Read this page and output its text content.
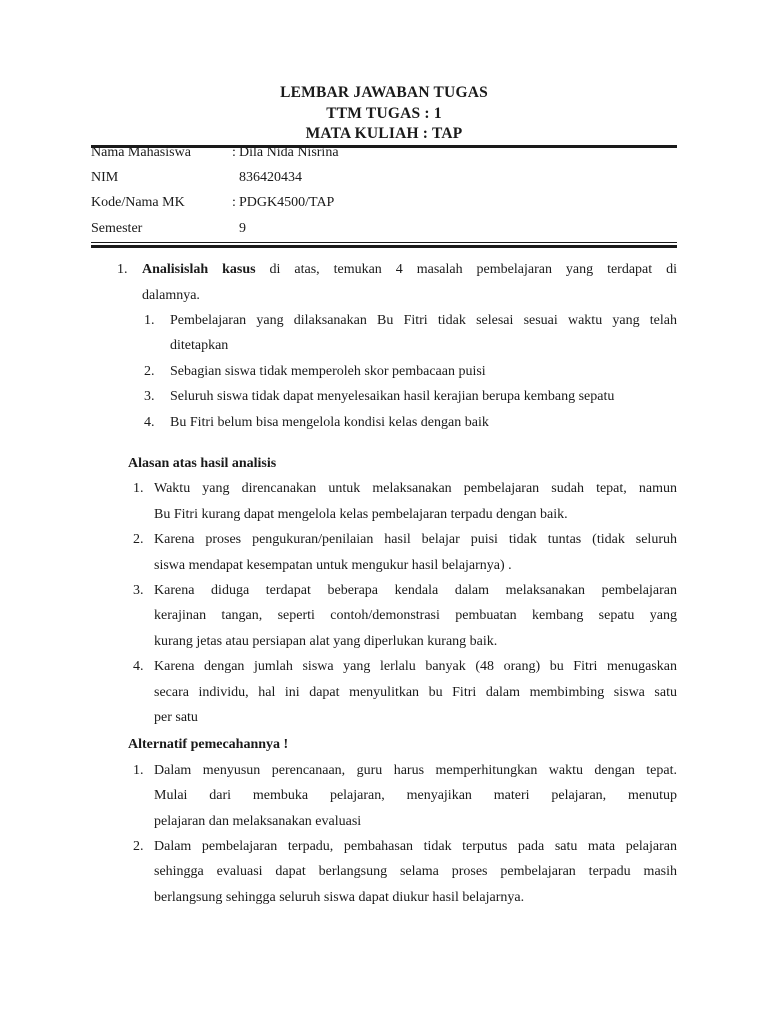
LEMBAR JAWABAN TUGAS
TTM TUGAS : 1
MATA KULIAH : TAP
Nama Mahasiswa	: Dila Nida Nisrina
NIM	836420434
Kode/Nama MK	: PDGK4500/TAP
Semester	9
1. Analisislah kasus di atas, temukan 4 masalah pembelajaran yang terdapat di
dalamnya.
1. Pembelajaran yang dilaksanakan Bu Fitri tidak selesai sesuai waktu yang telah
ditetapkan
2. Sebagian siswa tidak memperoleh skor pembacaan puisi
3. Seluruh siswa tidak dapat menyelesaikan hasil kerajian berupa kembang sepatu
4. Bu Fitri belum bisa mengelola kondisi kelas dengan baik
Alasan atas hasil analisis
1. Waktu yang direncanakan untuk melaksanakan pembelajaran sudah tepat, namun
Bu Fitri kurang dapat mengelola kelas pembelajaran terpadu dengan baik.
2. Karena proses pengukuran/penilaian hasil belajar puisi tidak tuntas (tidak seluruh
siswa mendapat kesempatan untuk mengukur hasil belajarnya) .
3. Karena diduga terdapat beberapa kendala dalam melaksanakan pembelajaran
kerajinan tangan, seperti contoh/demonstrasi pembuatan kembang sepatu yang
kurang jetas atau persiapan alat yang diperlukan kurang baik.
4. Karena dengan jumlah siswa yang lerlalu banyak (48 orang) bu Fitri menugaskan
secara individu, hal ini dapat menyulitkan bu Fitri dalam membimbing siswa satu
per satu
Alternatif pemecahannya !
1. Dalam menyusun perencanaan, guru harus memperhitungkan waktu dengan tepat.
Mulai dari membuka pelajaran, menyajikan materi pelajaran, menutup
pelajaran dan melaksanakan evaluasi
2. Dalam pembelajaran terpadu, pembahasan tidak terputus pada satu mata pelajaran
sehingga evaluasi dapat berlangsung selama proses pembelajaran terpadu masih
berlangsung sehingga seluruh siswa dapat diukur hasil belajarnya.
